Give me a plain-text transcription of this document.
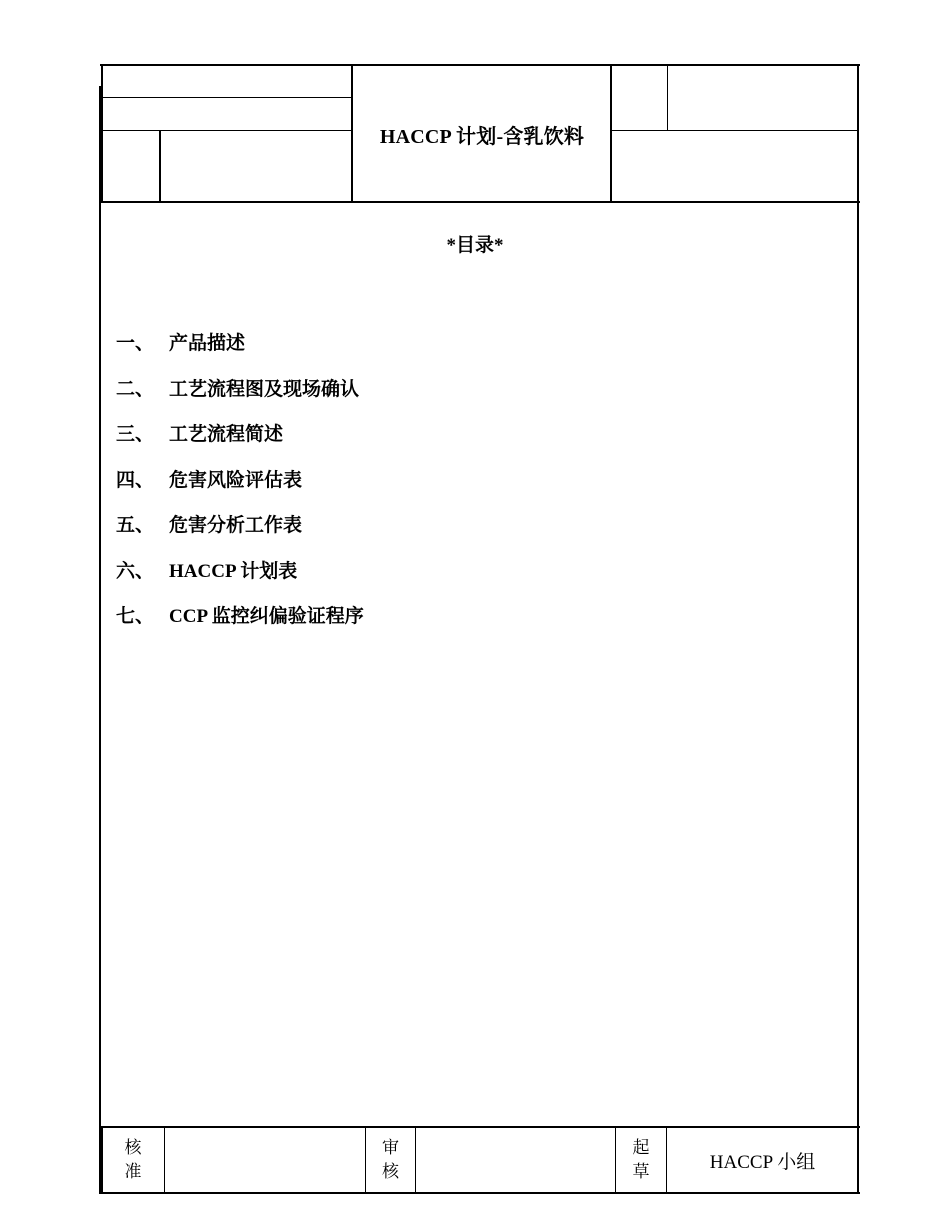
HACCP 计划-含乳饮料
*目录*
一、 产品描述
二、 工艺流程图及现场确认
三、 工艺流程简述
四、 危害风险评估表
五、 危害分析工作表
六、 HACCP 计划表
七、 CCP 监控纠偏验证程序
核
准
审
核
起
草	HACCP 小组
